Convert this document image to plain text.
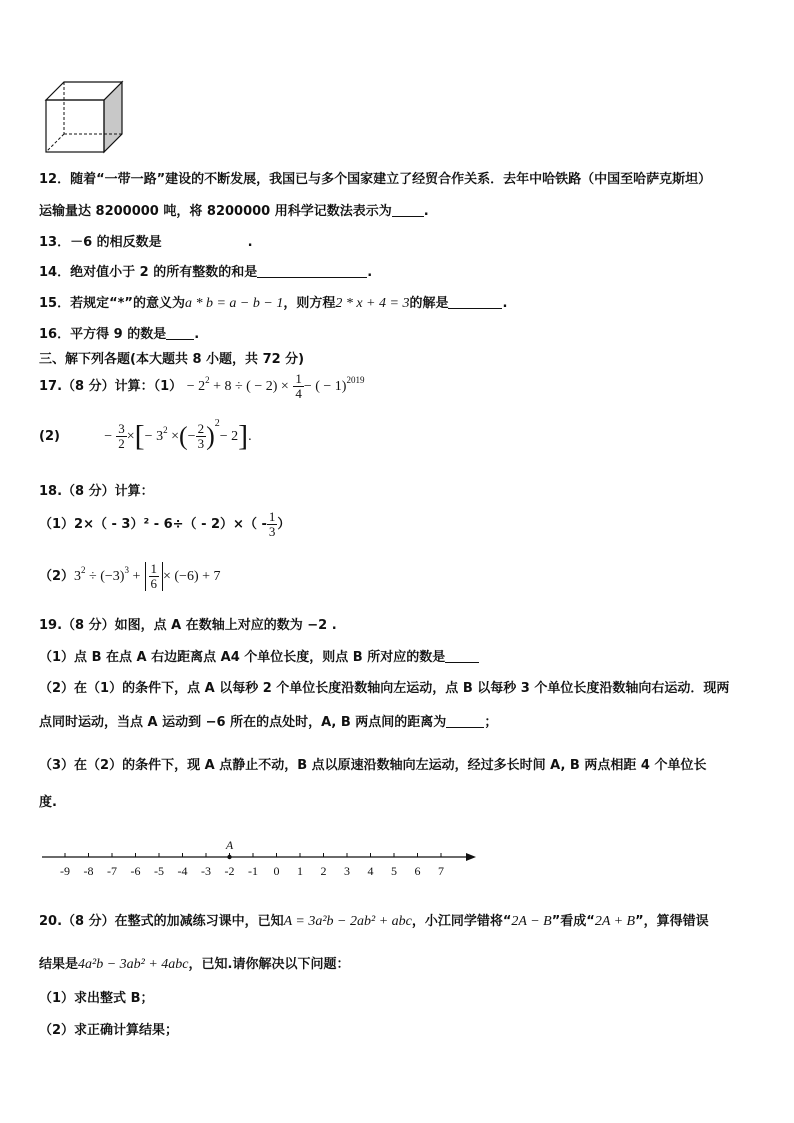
12．随着“一带一路”建设的不断发展，我国已与多个国家建立了经贸合作关系．去年中哈铁路（中国至哈萨克斯坦）
运输量达 8200000 吨，将 8200000 用科学记数法表示为 .
13．－6 的相反数是	.
14．绝对值小于 2 的所有整数的和是	.
15．若规定“*”的意义为a * b = a − b − 1，则方程2 * x + 4 = 3的解是	.
16．平方得 9 的数是 .
三、解下列各题(本大题共 8 小题，共 72 分)
17.（8 分）计算：$(1) - 2^2 + 8$ ÷ ( − $2) \times \frac{1}{4}$ − ( − 1)$^{2019}$
(2)	− $\frac{3}{2}$ ×[− $3^2$ ×(− $\frac{2}{3} )^2- 2$].
18.（8 分）计算：
$(1)2\times( - 3)^2 - 6\div( - 2)\times( - \frac{1}{3}$ ）
$(2)3^2 \div (-3)^3 + \frac{1}{6} \times (-6) + 7$
19.（8 分）如图，点 A 在数轴上对应的数为 −2 .
（1）点 B 在点 A 右边距离点 A4 个单位长度，则点 B 所对应的数是
（2）在（1）的条件下，点 A 以每秒 2 个单位长度沿数轴向左运动，点 B 以每秒 3 个单位长度沿数轴向右运动．现两
点同时运动，当点 A 运动到 −6 所在的点处时，A, B 两点间的距离为	；
（3）在（2）的条件下，现 A 点静止不动，B 点以原速沿数轴向左运动，经过多长时间 A, B 两点相距 4 个单位长
度.
-9 -8 -7 -6 -5 -4 -3 -2
A
-1 0 1 2 3 4 5 6 7
20.（8 分）在整式的加减练习课中，已知A = 3a²b − 2ab² + abc，小江同学错将“2A − B”看成“2A + B”，算得错误
结果是4a²b − 3ab² + 4abc，已知.请你解决以下问题：
（1）求出整式 B；
（2）求正确计算结果；
